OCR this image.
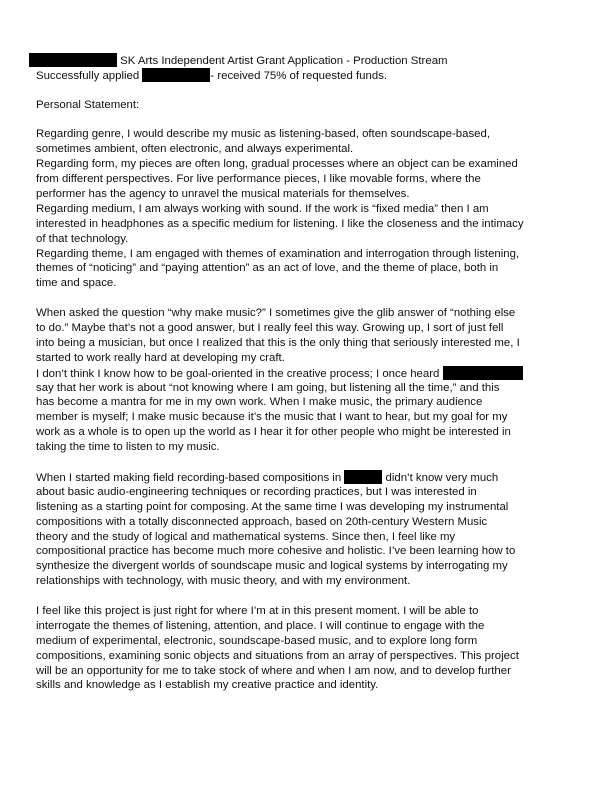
SK Arts Independent Artist Grant Application - Production Stream
Successfully applied	- received 75% of requested funds.
Personal Statement:
Regarding genre, I would describe my music as listening-based, often soundscape-based,
sometimes ambient, often electronic, and always experimental.
Regarding form, my pieces are often long, gradual processes where an object can be examined
from different perspectives. For live performance pieces, I like movable forms, where the
performer has the agency to unravel the musical materials for themselves.
Regarding medium, I am always working with sound. If the work is “fixed media” then I am
interested in headphones as a specific medium for listening. I like the closeness and the intimacy
of that technology.
Regarding theme, I am engaged with themes of examination and interrogation through listening,
themes of “noticing” and “paying attention” as an act of love, and the theme of place, both in
time and space.
When asked the question “why make music?” I sometimes give the glib answer of “nothing else
to do.” Maybe that’s not a good answer, but I really feel this way. Growing up, I sort of just fell
into being a musician, but once I realized that this is the only thing that seriously interested me, I
started to work really hard at developing my craft.
I don’t think I know how to be goal-oriented in the creative process; I once heard
say that her work is about “not knowing where I am going, but listening all the time,” and this
has become a mantra for me in my own work. When I make music, the primary audience
member is myself; I make music because it’s the music that I want to hear, but my goal for my
work as a whole is to open up the world as I hear it for other people who might be interested in
taking the time to listen to my music.
When I started making field recording-based compositions in	didn’t know very much
about basic audio-engineering techniques or recording practices, but I was interested in
listening as a starting point for composing. At the same time I was developing my instrumental
compositions with a totally disconnected approach, based on 20th-century Western Music
theory and the study of logical and mathematical systems. Since then, I feel like my
compositional practice has become much more cohesive and holistic. I’ve been learning how to
synthesize the divergent worlds of soundscape music and logical systems by interrogating my
relationships with technology, with music theory, and with my environment.
I feel like this project is just right for where I’m at in this present moment. I will be able to
interrogate the themes of listening, attention, and place. I will continue to engage with the
medium of experimental, electronic, soundscape-based music, and to explore long form
compositions, examining sonic objects and situations from an array of perspectives. This project
will be an opportunity for me to take stock of where and when I am now, and to develop further
skills and knowledge as I establish my creative practice and identity.
